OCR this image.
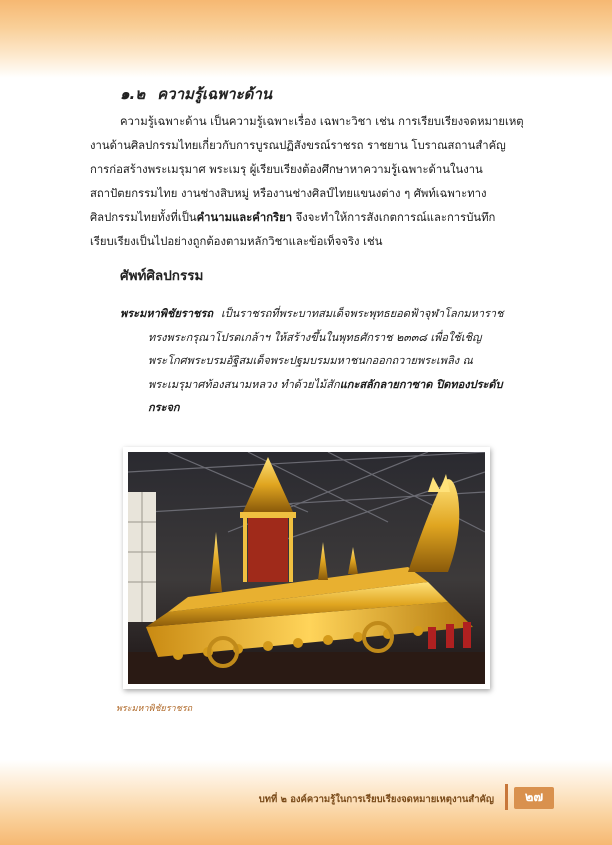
๑.๒ ความรู้เฉพาะด้าน
ความรู้เฉพาะด้าน เป็นความรู้เฉพาะเรื่อง เฉพาะวิชา เช่น การเรียบเรียงจดหมายเหตุ
งานด้านศิลปกรรมไทยเกี่ยวกับการบูรณปฏิสังขรณ์ราชรถ ราชยาน โบราณสถานสำคัญ
การก่อสร้างพระเมรุมาศ พระเมรุ ผู้เรียบเรียงต้องศึกษาหาความรู้เฉพาะด้านในงาน
สถาปัตยกรรมไทย งานช่างสิบหมู่ หรืองานช่างศิลป์ไทยแขนงต่าง ๆ ศัพท์เฉพาะทาง
ศิลปกรรมไทยทั้งที่เป็นคำนามและคำกริยา จึงจะทำให้การสังเกตการณ์และการบันทึก
เรียบเรียงเป็นไปอย่างถูกต้องตามหลักวิชาและข้อเท็จจริง เช่น
ศัพท์ศิลปกรรม
พระมหาพิชัยราชรถ เป็นราชรถที่พระบาทสมเด็จพระพุทธยอดฟ้าจุฬาโลกมหาราช
ทรงพระกรุณาโปรดเกล้าฯ ให้สร้างขึ้นในพุทธศักราช ๒๓๓๘ เพื่อใช้เชิญ
พระโกศพระบรมอัฐิสมเด็จพระปฐมบรมมหาชนกออกถวายพระเพลิง ณ
พระเมรุมาศท้องสนามหลวง ทำด้วยไม้สักแกะสลักลายกาซาด ปิดทองประดับ
กระจก
พระมหาพิชัยราชรถ
บทที่ ๒ องค์ความรู้ในการเรียบเรียงจดหมายเหตุงานสำคัญ	๒๗
